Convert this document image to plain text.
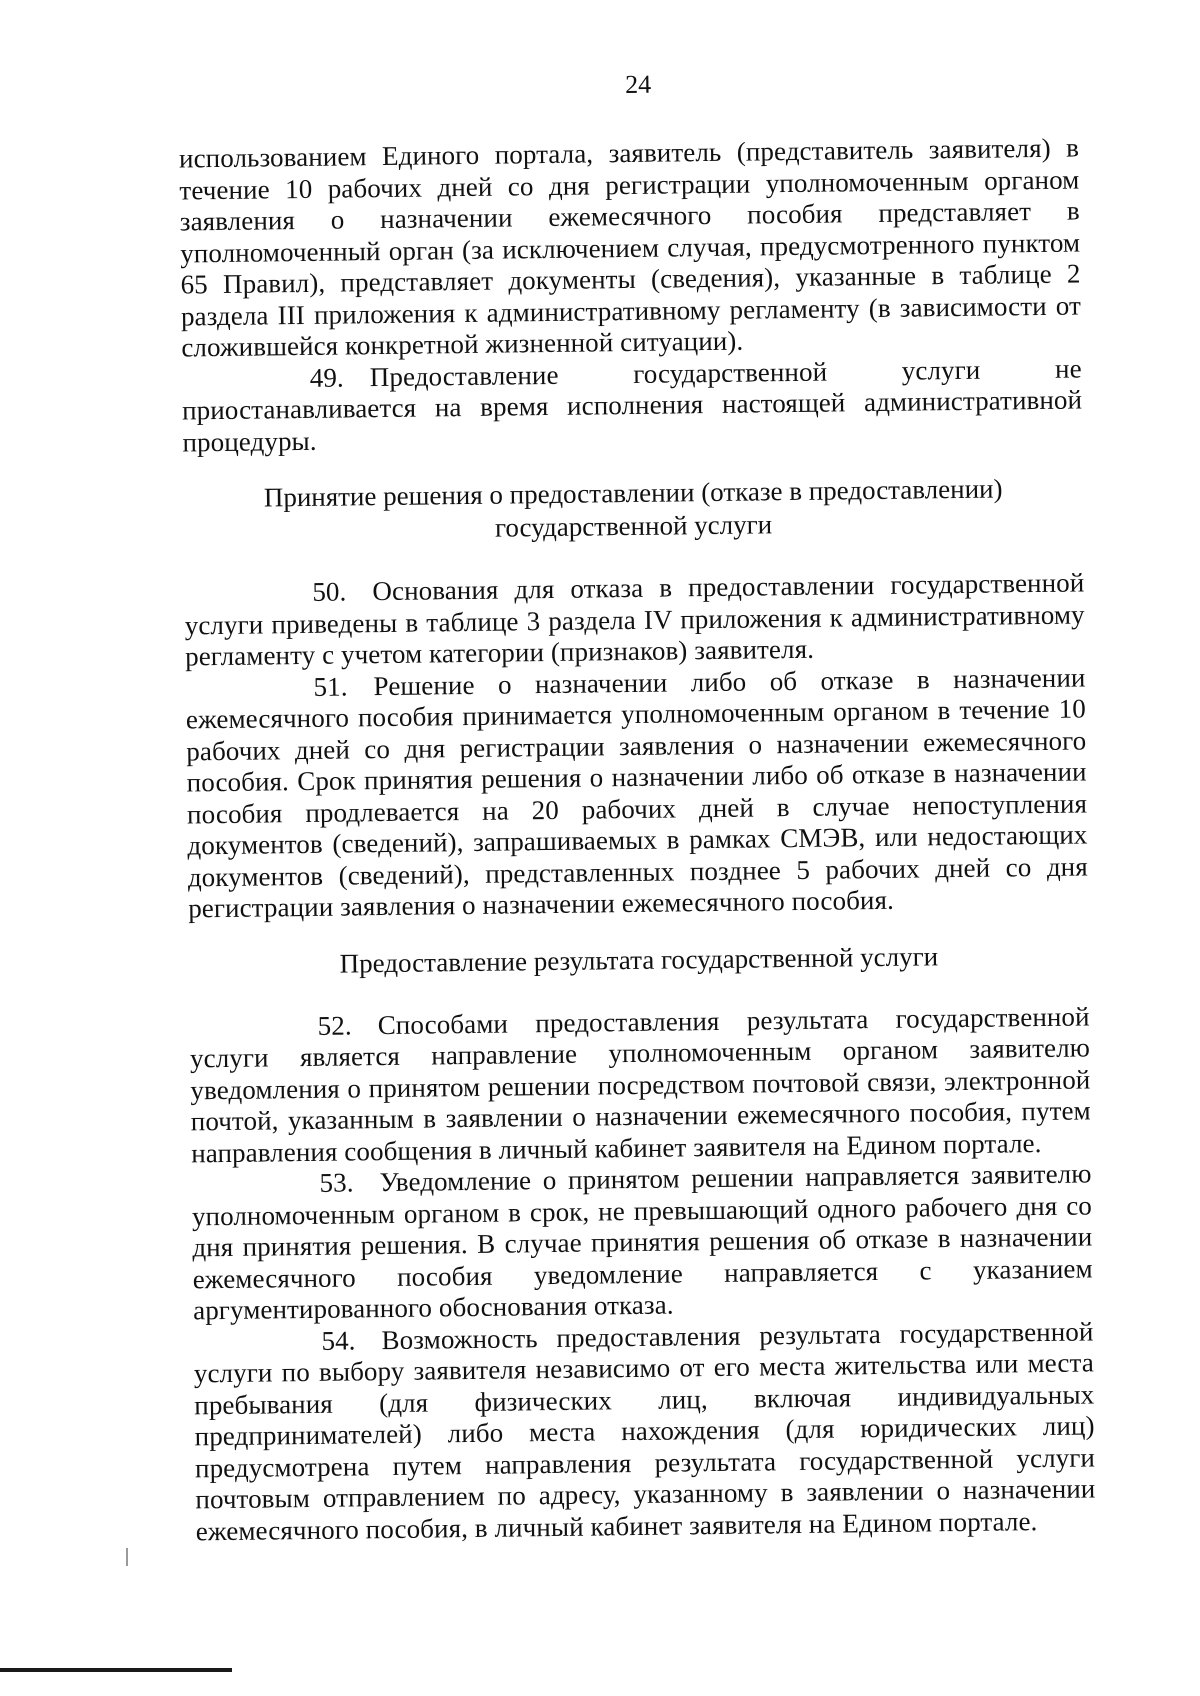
24

использованием Единого портала, заявитель (представитель заявителя) в течение 10 рабочих дней со дня регистрации уполномоченным органом заявления о назначении ежемесячного пособия представляет в уполномоченный орган (за исключением случая, предусмотренного пунктом 65 Правил), представляет документы (сведения), указанные в таблице 2 раздела III приложения к административному регламенту (в зависимости от сложившейся конкретной жизненной ситуации).

49. Предоставление государственной услуги не приостанавливается на время исполнения настоящей административной процедуры.

Принятие решения о предоставлении (отказе в предоставлении)
государственной услуги

50. Основания для отказа в предоставлении государственной услуги приведены в таблице 3 раздела IV приложения к административному регламенту с учетом категории (признаков) заявителя.

51. Решение о назначении либо об отказе в назначении ежемесячного пособия принимается уполномоченным органом в течение 10 рабочих дней со дня регистрации заявления о назначении ежемесячного пособия. Срок принятия решения о назначении либо об отказе в назначении пособия продлевается на 20 рабочих дней в случае непоступления документов (сведений), запрашиваемых в рамках СМЭВ, или недостающих документов (сведений), представленных позднее 5 рабочих дней со дня регистрации заявления о назначении ежемесячного пособия.

Предоставление результата государственной услуги

52. Способами предоставления результата государственной услуги является направление уполномоченным органом заявителю уведомления о принятом решении посредством почтовой связи, электронной почтой, указанным в заявлении о назначении ежемесячного пособия, путем направления сообщения в личный кабинет заявителя на Едином портале.

53. Уведомление о принятом решении направляется заявителю уполномоченным органом в срок, не превышающий одного рабочего дня со дня принятия решения. В случае принятия решения об отказе в назначении ежемесячного пособия уведомление направляется с указанием аргументированного обоснования отказа.

54. Возможность предоставления результата государственной услуги по выбору заявителя независимо от его места жительства или места пребывания (для физических лиц, включая индивидуальных предпринимателей) либо места нахождения (для юридических лиц) предусмотрена путем направления результата государственной услуги почтовым отправлением по адресу, указанному в заявлении о назначении ежемесячного пособия, в личный кабинет заявителя на Едином портале.
